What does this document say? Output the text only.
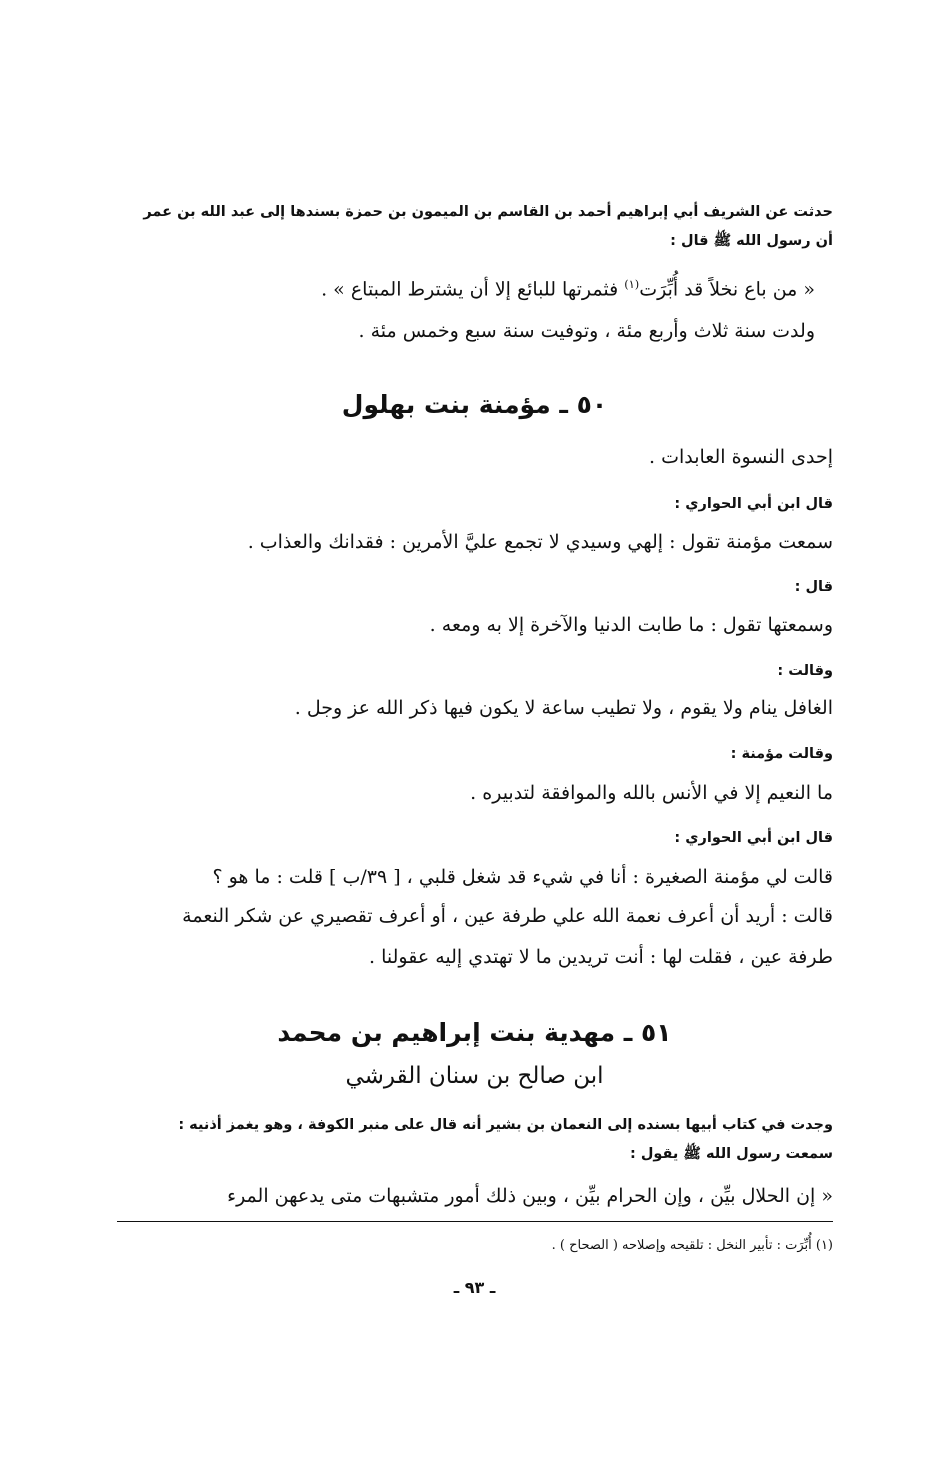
حدثت عن الشريف أبي إبراهيم أحمد بن القاسم بن الميمون بن حمزة بسندها إلى عبد الله بن عمر
أن رسول الله ﷺ قال :
« من باع نخلاً قد أُبِّرَت$^{(١)}$ فثمرتها للبائع إلا أن يشترط المبتاع » .
ولدت سنة ثلاث وأربع مئة ، وتوفيت سنة سبع وخمس مئة .
٥٠ ـ مؤمنة بنت بهلول
إحدى النسوة العابدات .
قال ابن أبي الحواري :
سمعت مؤمنة تقول : إلهي وسيدي لا تجمع عليَّ الأمرين : فقدانك والعذاب .
قال :
وسمعتها تقول : ما طابت الدنيا والآخرة إلا به ومعه .
وقالت :
الغافل ينام ولا يقوم ، ولا تطيب ساعة لا يكون فيها ذكر الله عز وجل .
وقالت مؤمنة :
ما النعيم إلا في الأنس بالله والموافقة لتدبيره .
قال ابن أبي الحواري :
قالت لي مؤمنة الصغيرة : أنا في شيء قد شغل قلبي ، [ ٣٩/ب ] قلت : ما هو ؟
قالت : أريد أن أعرف نعمة الله علي طرفة عين ، أو أعرف تقصيري عن شكر النعمة
طرفة عين ، فقلت لها : أنت تريدين ما لا تهتدي إليه عقولنا .
٥١ ـ مهدية بنت إبراهيم بن محمد
ابن صالح بن سنان القرشي
وجدت في كتاب أبيها بسنده إلى النعمان بن بشير أنه قال على منبر الكوفة ، وهو يغمز أذنيه :
سمعت رسول الله ﷺ يقول :
« إن الحلال بيِّن ، وإن الحرام بيِّن ، وبين ذلك أمور متشبهات متى يدعهن المرء
(١) أُبِّرَت : تأبير النخل : تلقيحه وإصلاحه ( الصحاح ) .
ـ ٩٣ ـ
